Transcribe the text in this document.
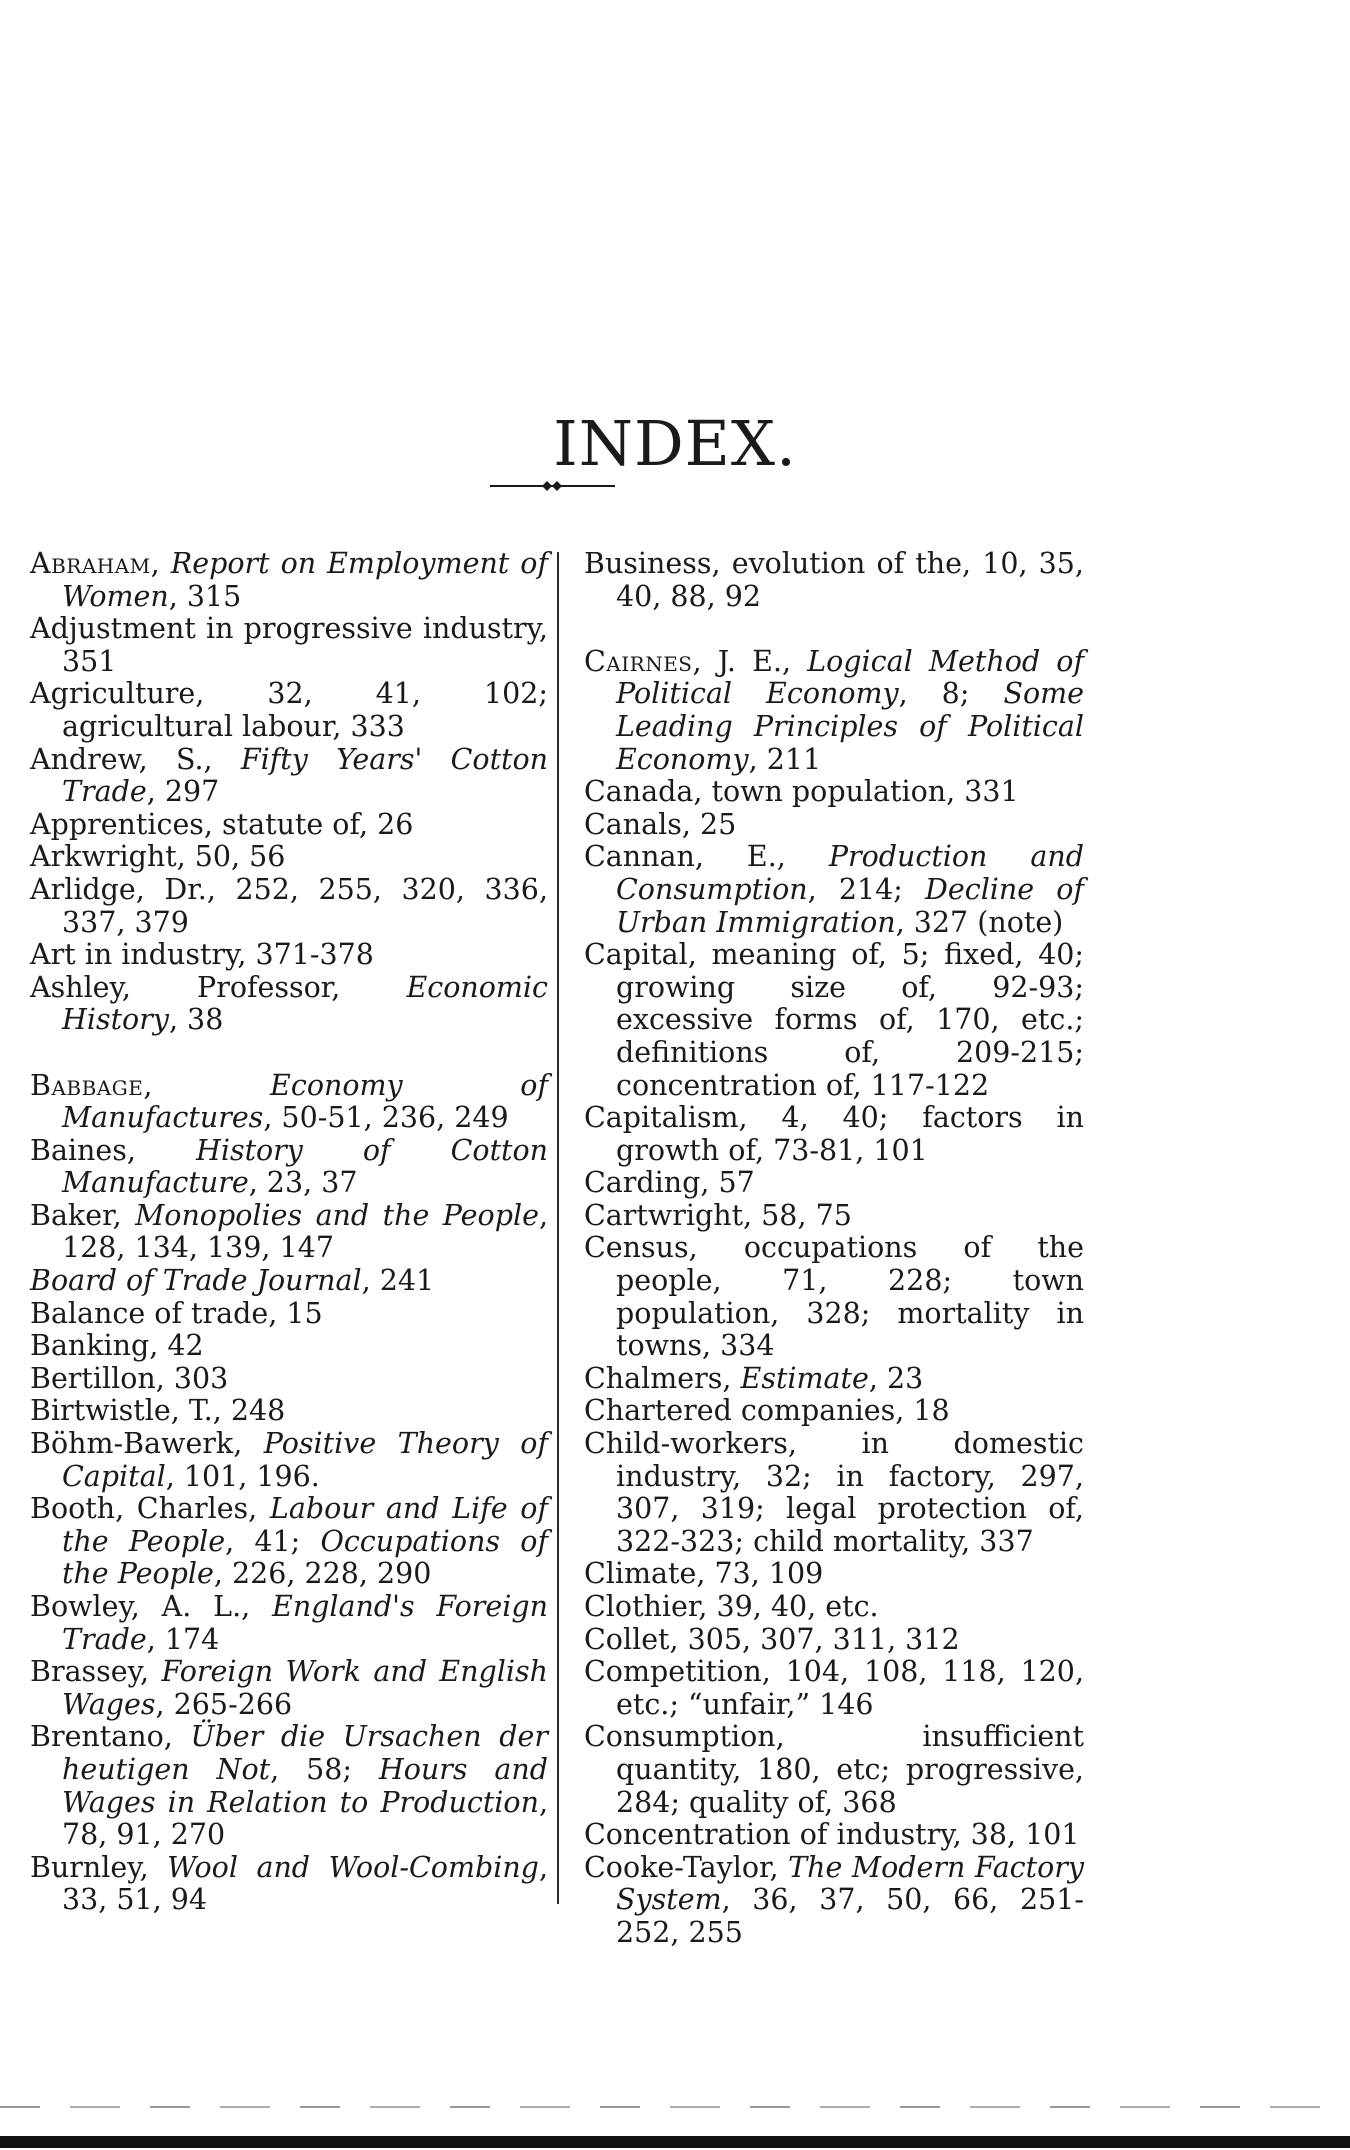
INDEX.
Abraham, Report on Employment of Women, 315
Adjustment in progressive industry, 351
Agriculture, 32, 41, 102; agricultural labour, 333
Andrew, S., Fifty Years' Cotton Trade, 297
Apprentices, statute of, 26
Arkwright, 50, 56
Arlidge, Dr., 252, 255, 320, 336, 337, 379
Art in industry, 371-378
Ashley, Professor, Economic History, 38
Babbage, Economy of Manufactures, 50-51, 236, 249
Baines, History of Cotton Manufacture, 23, 37
Baker, Monopolies and the People, 128, 134, 139, 147
Board of Trade Journal, 241
Balance of trade, 15
Banking, 42
Bertillon, 303
Birtwistle, T., 248
Böhm-Bawerk, Positive Theory of Capital, 101, 196.
Booth, Charles, Labour and Life of the People, 41; Occupations of the People, 226, 228, 290
Bowley, A. L., England's Foreign Trade, 174
Brassey, Foreign Work and English Wages, 265-266
Brentano, Über die Ursachen der heutigen Not, 58; Hours and Wages in Relation to Production, 78, 91, 270
Burnley, Wool and Wool-Combing, 33, 51, 94
Business, evolution of the, 10, 35, 40, 88, 92
Cairnes, J. E., Logical Method of Political Economy, 8; Some Leading Principles of Political Economy, 211
Canada, town population, 331
Canals, 25
Cannan, E., Production and Consumption, 214; Decline of Urban Immigration, 327 (note)
Capital, meaning of, 5; fixed, 40; growing size of, 92-93; excessive forms of, 170, etc.; definitions of, 209-215; concentration of, 117-122
Capitalism, 4, 40; factors in growth of, 73-81, 101
Carding, 57
Cartwright, 58, 75
Census, occupations of the people, 71, 228; town population, 328; mortality in towns, 334
Chalmers, Estimate, 23
Chartered companies, 18
Child-workers, in domestic industry, 32; in factory, 297, 307, 319; legal protection of, 322-323; child mortality, 337
Climate, 73, 109
Clothier, 39, 40, etc.
Collet, 305, 307, 311, 312
Competition, 104, 108, 118, 120, etc.; “unfair,” 146
Consumption, insufficient quantity, 180, etc; progressive, 284; quality of, 368
Concentration of industry, 38, 101
Cooke-Taylor, The Modern Factory System, 36, 37, 50, 66, 251-252, 255
